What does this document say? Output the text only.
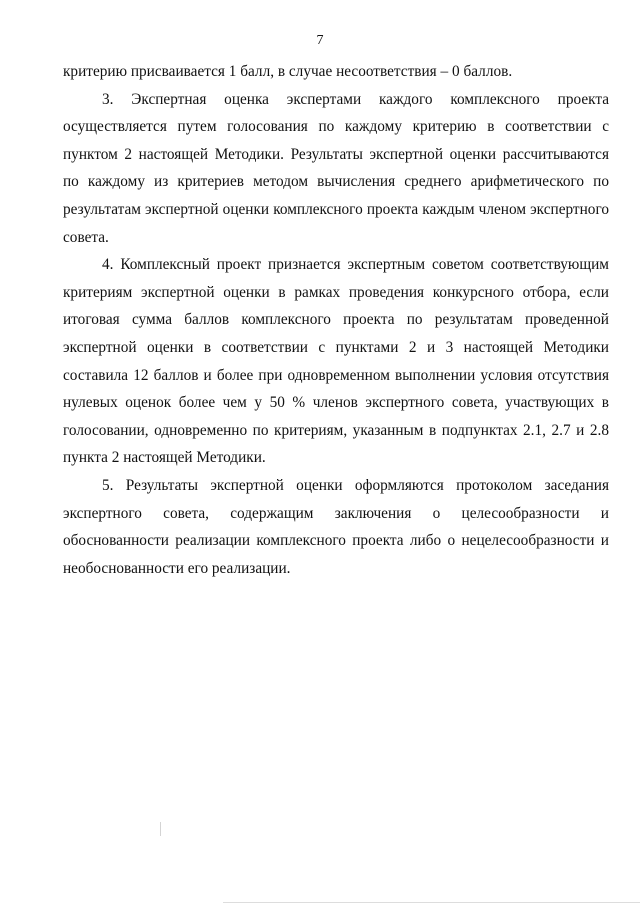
7

критерию присваивается 1 балл, в случае несоответствия – 0 баллов.

3. Экспертная оценка экспертами каждого комплексного проекта осуществляется путем голосования по каждому критерию в соответствии с пунктом 2 настоящей Методики. Результаты экспертной оценки рассчитываются по каждому из критериев методом вычисления среднего арифметического по результатам экспертной оценки комплексного проекта каждым членом экспертного совета.

4. Комплексный проект признается экспертным советом соответствующим критериям экспертной оценки в рамках проведения конкурсного отбора, если итоговая сумма баллов комплексного проекта по результатам проведенной экспертной оценки в соответствии с пунктами 2 и 3 настоящей Методики составила 12 баллов и более при одновременном выполнении условия отсутствия нулевых оценок более чем у 50 % членов экспертного совета, участвующих в голосовании, одновременно по критериям, указанным в подпунктах 2.1, 2.7 и 2.8 пункта 2 настоящей Методики.

5. Результаты экспертной оценки оформляются протоколом заседания экспертного совета, содержащим заключения о целесообразности и обоснованности реализации комплексного проекта либо о нецелесообразности и необоснованности его реализации.
